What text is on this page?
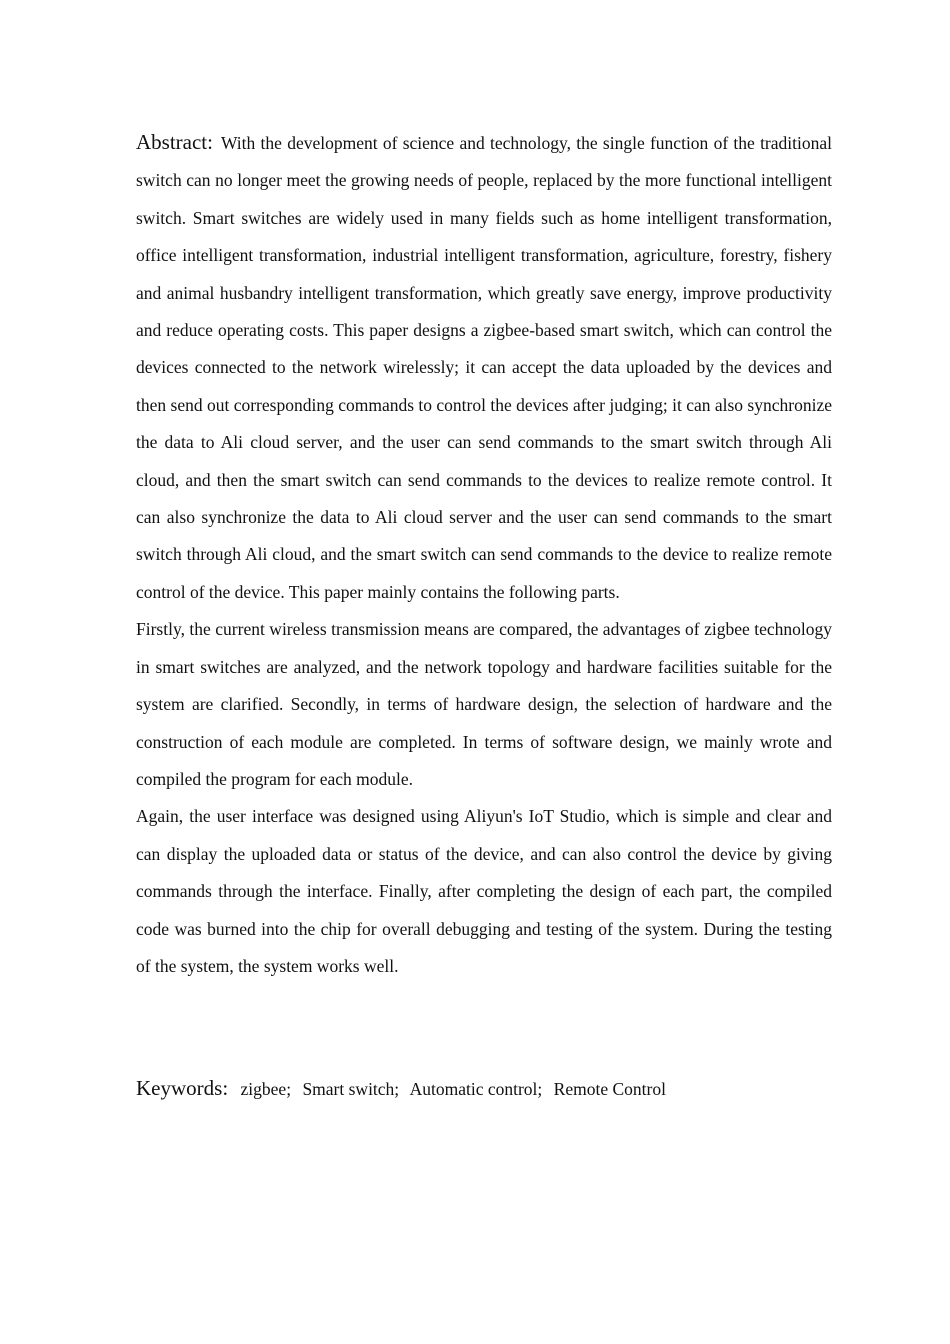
Abstract: With the development of science and technology, the single function of the traditional switch can no longer meet the growing needs of people, replaced by the more functional intelligent switch. Smart switches are widely used in many fields such as home intelligent transformation, office intelligent transformation, industrial intelligent transformation, agriculture, forestry, fishery and animal husbandry intelligent transformation, which greatly save energy, improve productivity and reduce operating costs. This paper designs a zigbee-based smart switch, which can control the devices connected to the network wirelessly; it can accept the data uploaded by the devices and then send out corresponding commands to control the devices after judging; it can also synchronize the data to Ali cloud server, and the user can send commands to the smart switch through Ali cloud, and then the smart switch can send commands to the devices to realize remote control. It can also synchronize the data to Ali cloud server and the user can send commands to the smart switch through Ali cloud, and the smart switch can send commands to the device to realize remote control of the device. This paper mainly contains the following parts.

Firstly, the current wireless transmission means are compared, the advantages of zigbee technology in smart switches are analyzed, and the network topology and hardware facilities suitable for the system are clarified. Secondly, in terms of hardware design, the selection of hardware and the construction of each module are completed. In terms of software design, we mainly wrote and compiled the program for each module.

Again, the user interface was designed using Aliyun's IoT Studio, which is simple and clear and can display the uploaded data or status of the device, and can also control the device by giving commands through the interface. Finally, after completing the design of each part, the compiled code was burned into the chip for overall debugging and testing of the system. During the testing of the system, the system works well.

Keywords: zigbee; Smart switch; Automatic control; Remote Control
